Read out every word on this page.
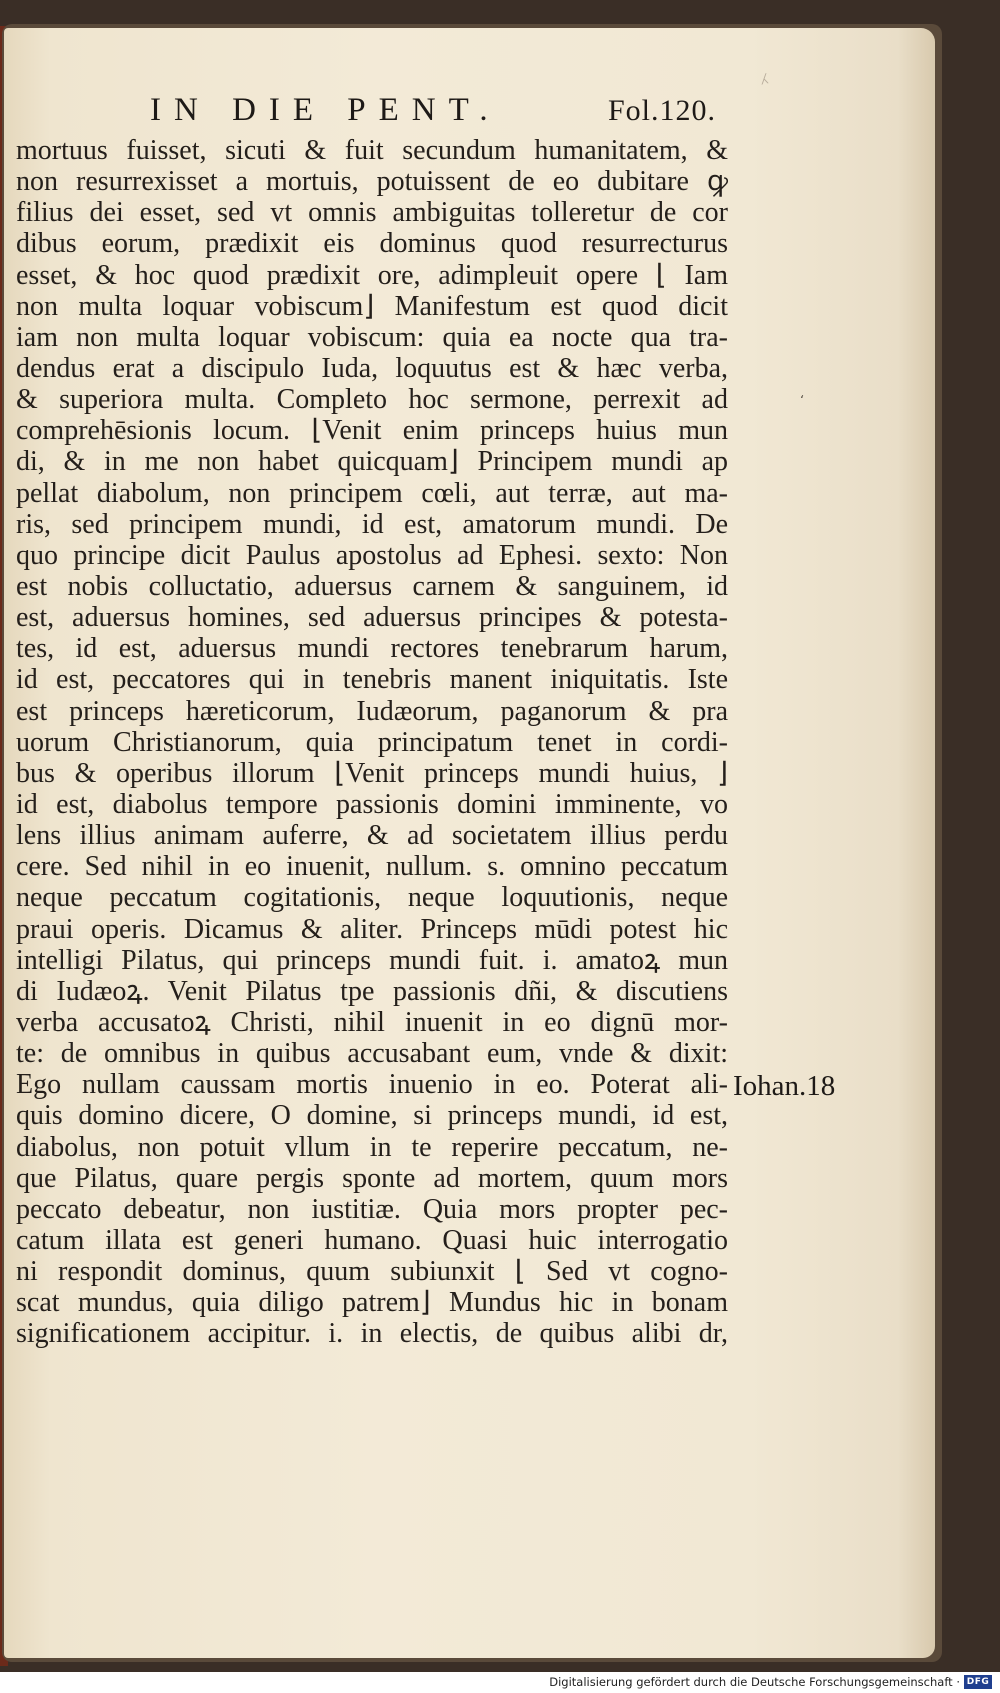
⁁
IN DIE PENT.	Fol.120.
mortuus fuisset, sicuti & fuit secundum humanitatem, &
non resurrexisset a mortuis, potuissent de eo dubitare ꝙ
filius dei esset, sed vt omnis ambiguitas tolleretur de cor
dibus eorum, prædixit eis dominus quod resurrecturus
esset, & hoc quod prædixit ore, adimpleuit opere ⌊ Iam
non multa loquar vobiscum⌋ Manifestum est quod dicit
iam non multa loquar vobiscum: quia ea nocte qua tra-
dendus erat a discipulo Iuda, loquutus est & hæc verba,
& superiora multa. Completo hoc sermone, perrexit ad
comprehēsionis locum. ⌊Venit enim princeps huius mun
di, & in me non habet quicquam⌋ Principem mundi ap
pellat diabolum, non principem cœli, aut terræ, aut ma-
ris, sed principem mundi, id est, amatorum mundi. De
quo principe dicit Paulus apostolus ad Ephesi. sexto: Non
est nobis colluctatio, aduersus carnem & sanguinem, id
est, aduersus homines, sed aduersus principes & potesta-
tes, id est, aduersus mundi rectores tenebrarum harum,
id est, peccatores qui in tenebris manent iniquitatis. Iste
est princeps hæreticorum, Iudæorum, paganorum & pra
uorum Christianorum, quia principatum tenet in cordi-
bus & operibus illorum ⌊Venit princeps mundi huius, ⌋
id est, diabolus tempore passionis domini imminente, vo
lens illius animam auferre, & ad societatem illius perdu
cere. Sed nihil in eo inuenit, nullum. s. omnino peccatum
neque peccatum cogitationis, neque loquutionis, neque
praui operis. Dicamus & aliter. Princeps mūdi potest hic
intelligi Pilatus, qui princeps mundi fuit. i. amatoꝝ mun
di Iudæoꝝ. Venit Pilatus tpe passionis dñi, & discutiens
verba accusatoꝝ Christi, nihil inuenit in eo dignū mor-
te: de omnibus in quibus accusabant eum, vnde & dixit:
Ego nullam caussam mortis inuenio in eo. Poterat ali-
quis domino dicere, O domine, si princeps mundi, id est,
diabolus, non potuit vllum in te reperire peccatum, ne-
que Pilatus, quare pergis sponte ad mortem, quum mors
peccato debeatur, non iustitiæ. Quia mors propter pec-
catum illata est generi humano. Quasi huic interrogatio
ni respondit dominus, quum subiunxit ⌊ Sed vt cogno-
scat mundus, quia diligo patrem⌋ Mundus hic in bonam
significationem accipitur. i. in electis, de quibus alibi dr,
‘
Iohan.18
Digitalisierung gefördert durch die Deutsche Forschungsgemeinschaft · DFG
